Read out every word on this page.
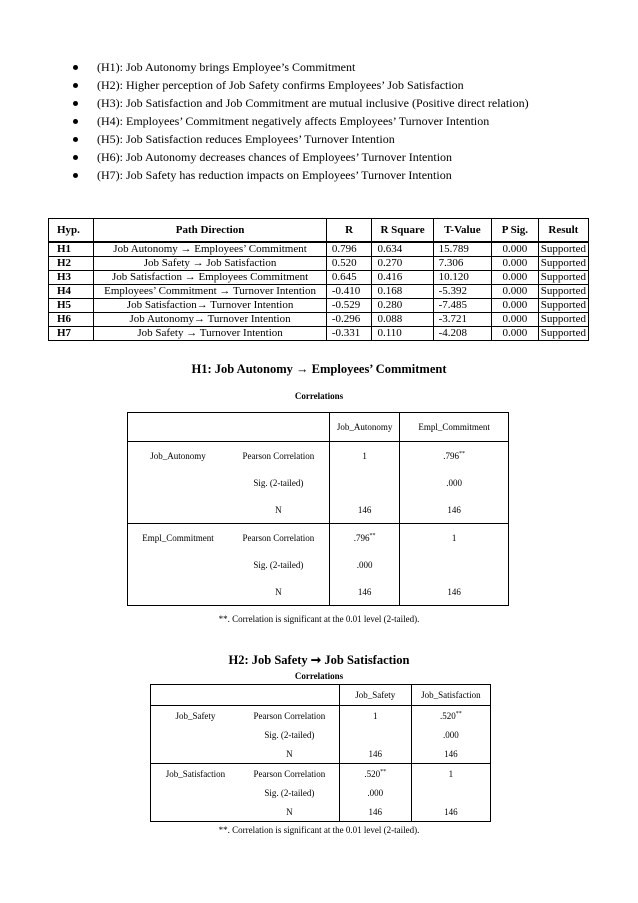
(H1): Job Autonomy brings Employee’s Commitment
(H2): Higher perception of Job Safety confirms Employees’ Job Satisfaction
(H3): Job Satisfaction and Job Commitment are mutual inclusive (Positive direct relation)
(H4): Employees’ Commitment negatively affects Employees’ Turnover Intention
(H5): Job Satisfaction reduces Employees’ Turnover Intention
(H6): Job Autonomy decreases chances of Employees’ Turnover Intention
(H7): Job Safety has reduction impacts on Employees’ Turnover Intention
Hyp.	Path Direction	R	R Square	T-Value	P Sig.	Result
H1	Job Autonomy → Employees’ Commitment	0.796	0.634	15.789	0.000	Supported
H2	Job Safety → Job Satisfaction	0.520	0.270	7.306	0.000	Supported
H3	Job Satisfaction → Employees Commitment	0.645	0.416	10.120	0.000	Supported
H4	Employees’ Commitment → Turnover Intention	-0.410	0.168	-5.392	0.000	Supported
H5	Job Satisfaction→ Turnover Intention	-0.529	0.280	-7.485	0.000	Supported
H6	Job Autonomy→ Turnover Intention	-0.296	0.088	-3.721	0.000	Supported
H7	Job Safety → Turnover Intention	-0.331	0.110	-4.208	0.000	Supported
H1: Job Autonomy → Employees’ Commitment
Correlations
		Job_Autonomy	Empl_Commitment
Job_Autonomy	Pearson Correlation	1	.796**
	Sig. (2-tailed)		.000
	N	146	146
Empl_Commitment	Pearson Correlation	.796**	1
	Sig. (2-tailed)	.000	
	N	146	146
**. Correlation is significant at the 0.01 level (2-tailed).
H2: Job Safety ➞ Job Satisfaction
Correlations
		Job_Safety	Job_Satisfaction
Job_Safety	Pearson Correlation	1	.520**
	Sig. (2-tailed)		.000
	N	146	146
Job_Satisfaction	Pearson Correlation	.520**	1
	Sig. (2-tailed)	.000	
	N	146	146
**. Correlation is significant at the 0.01 level (2-tailed).
